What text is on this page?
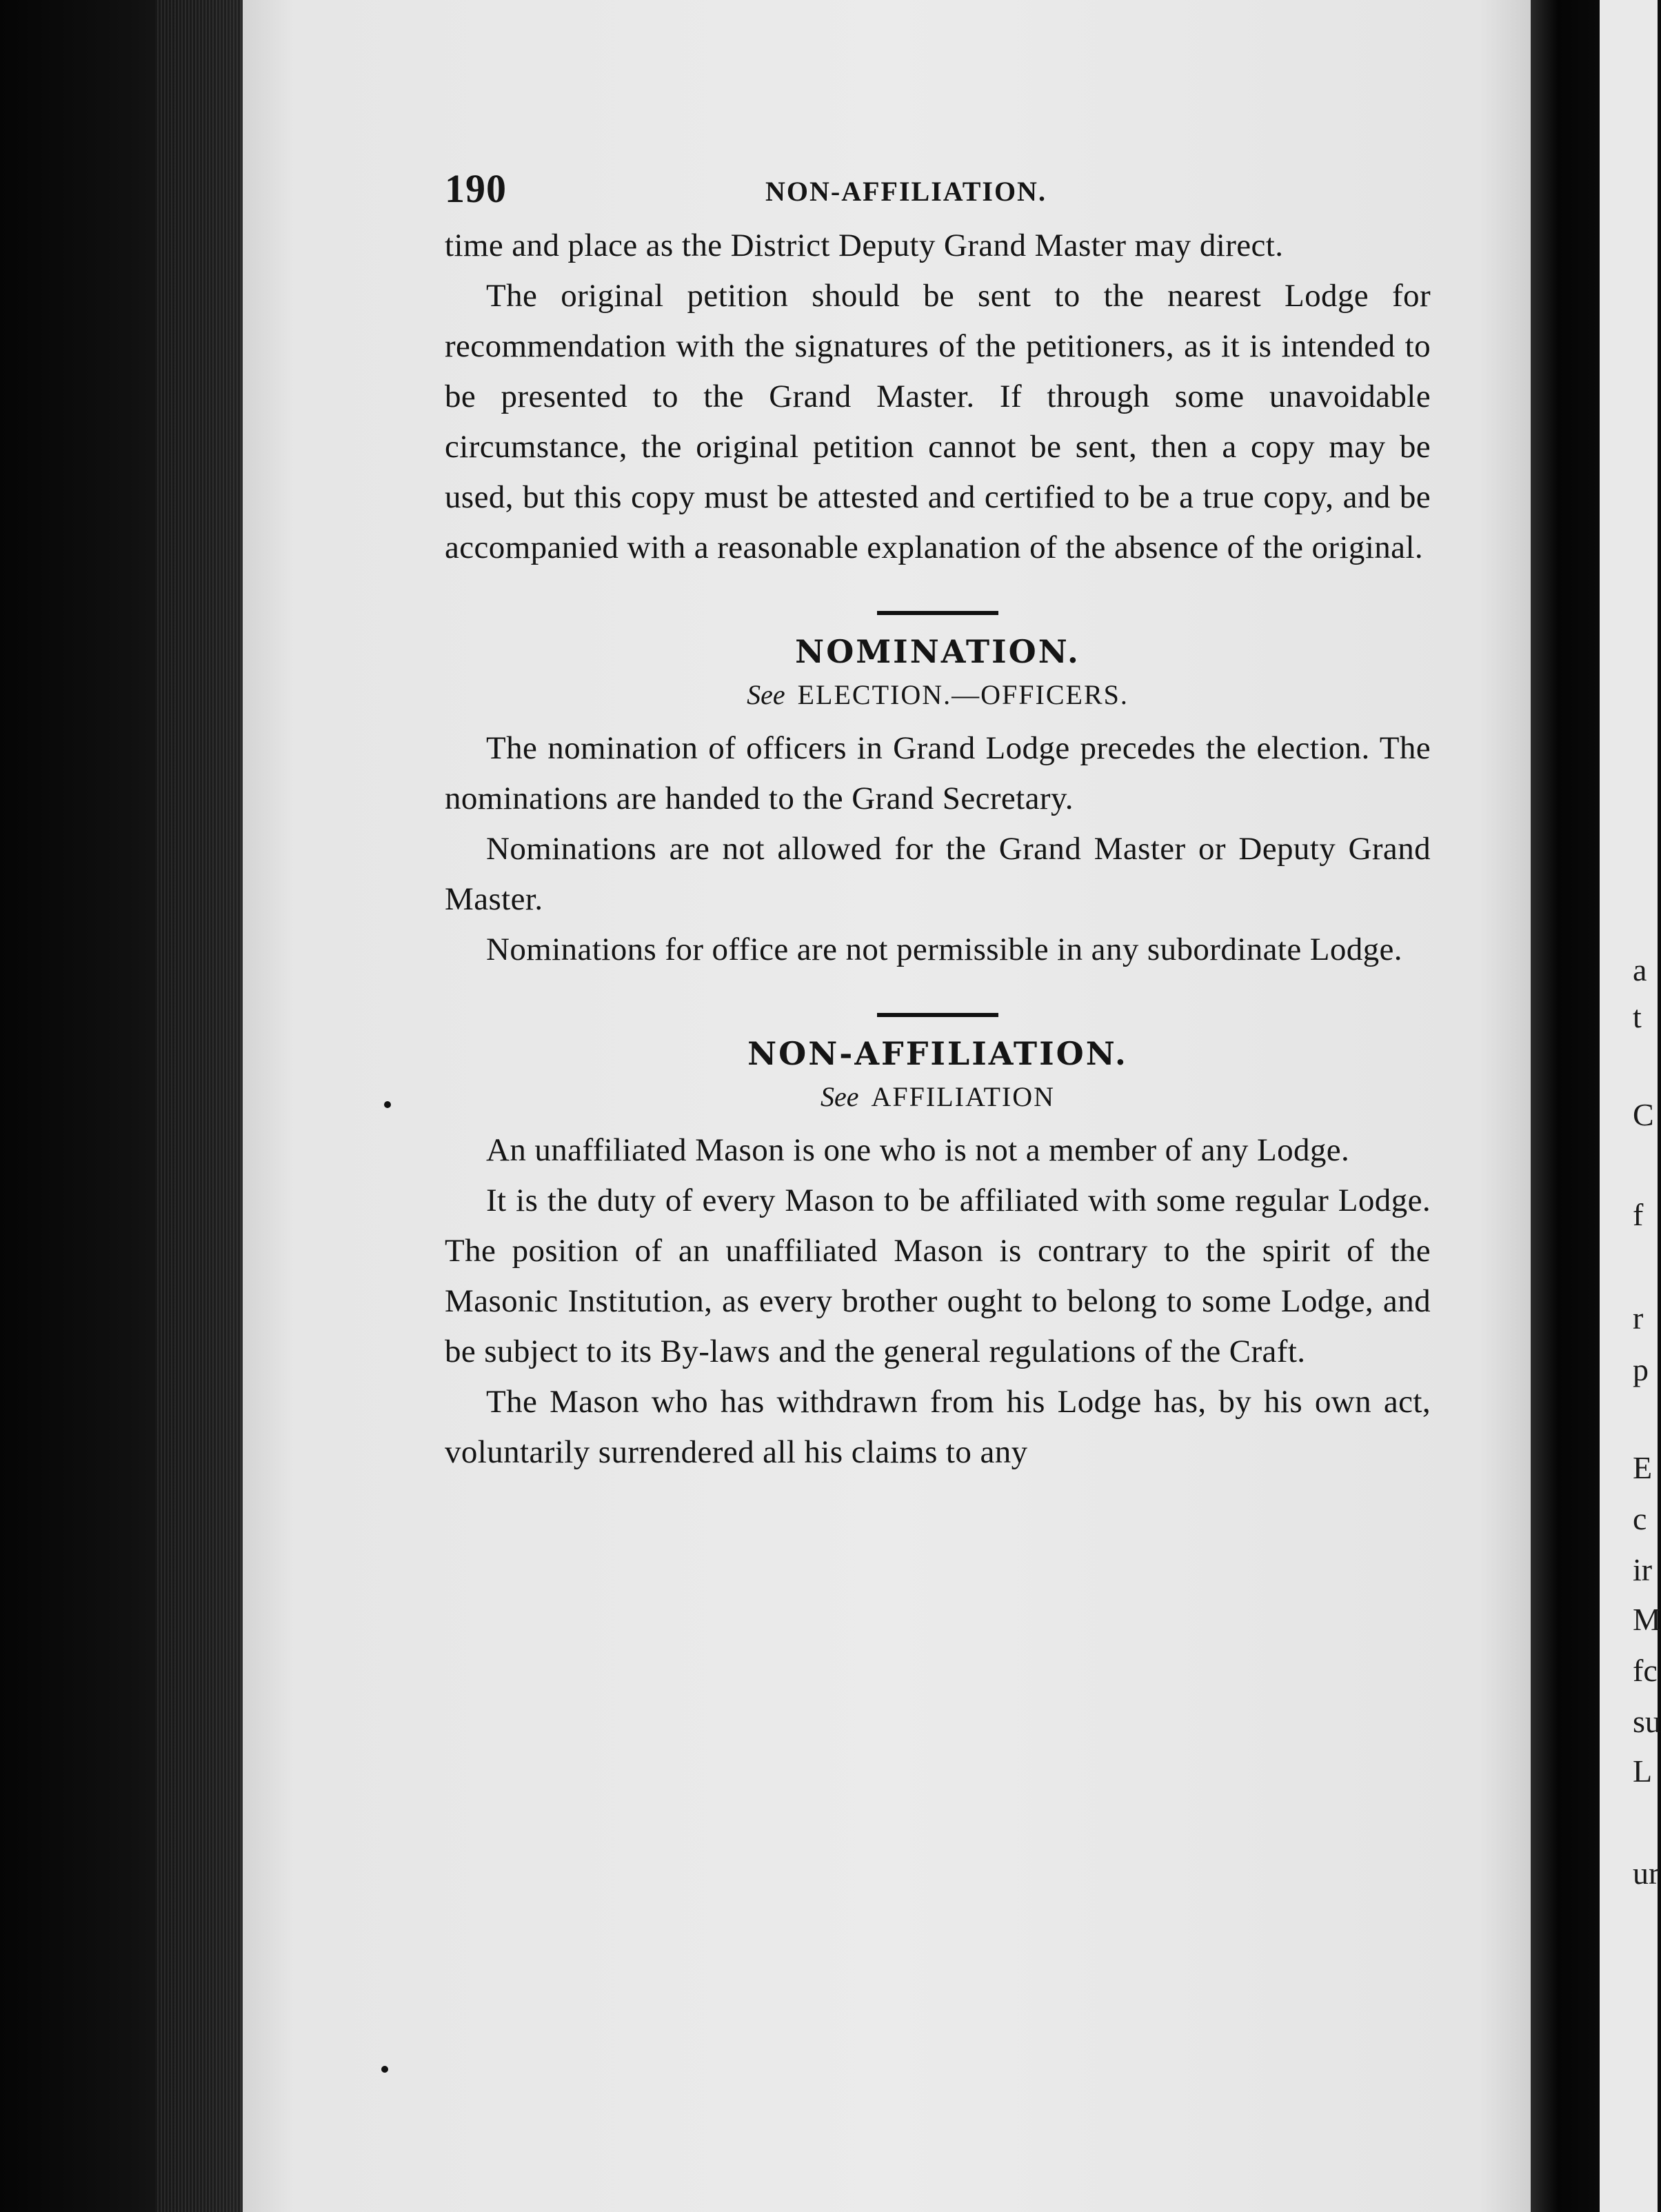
a
t
C
f
r
p
E
c
ir
M
fc
su
L
ur
190	NON-AFFILIATION.

time and place as the District Deputy Grand Master may direct.

The original petition should be sent to the nearest Lodge for recommendation with the signatures of the petitioners, as it is intended to be presented to the Grand Master. If through some unavoidable circumstance, the original petition cannot be sent, then a copy may be used, but this copy must be attested and certified to be a true copy, and be accompanied with a reasonable explanation of the absence of the original.

NOMINATION.
See ELECTION.—OFFICERS.

The nomination of officers in Grand Lodge precedes the election. The nominations are handed to the Grand Secretary.

Nominations are not allowed for the Grand Master or Deputy Grand Master.

Nominations for office are not permissible in any subordinate Lodge.

NON-AFFILIATION.
See AFFILIATION

An unaffiliated Mason is one who is not a member of any Lodge.

It is the duty of every Mason to be affiliated with some regular Lodge. The position of an unaffiliated Mason is contrary to the spirit of the Masonic Institution, as every brother ought to belong to some Lodge, and be subject to its By-laws and the general regulations of the Craft.

The Mason who has withdrawn from his Lodge has, by his own act, voluntarily surrendered all his claims to any
